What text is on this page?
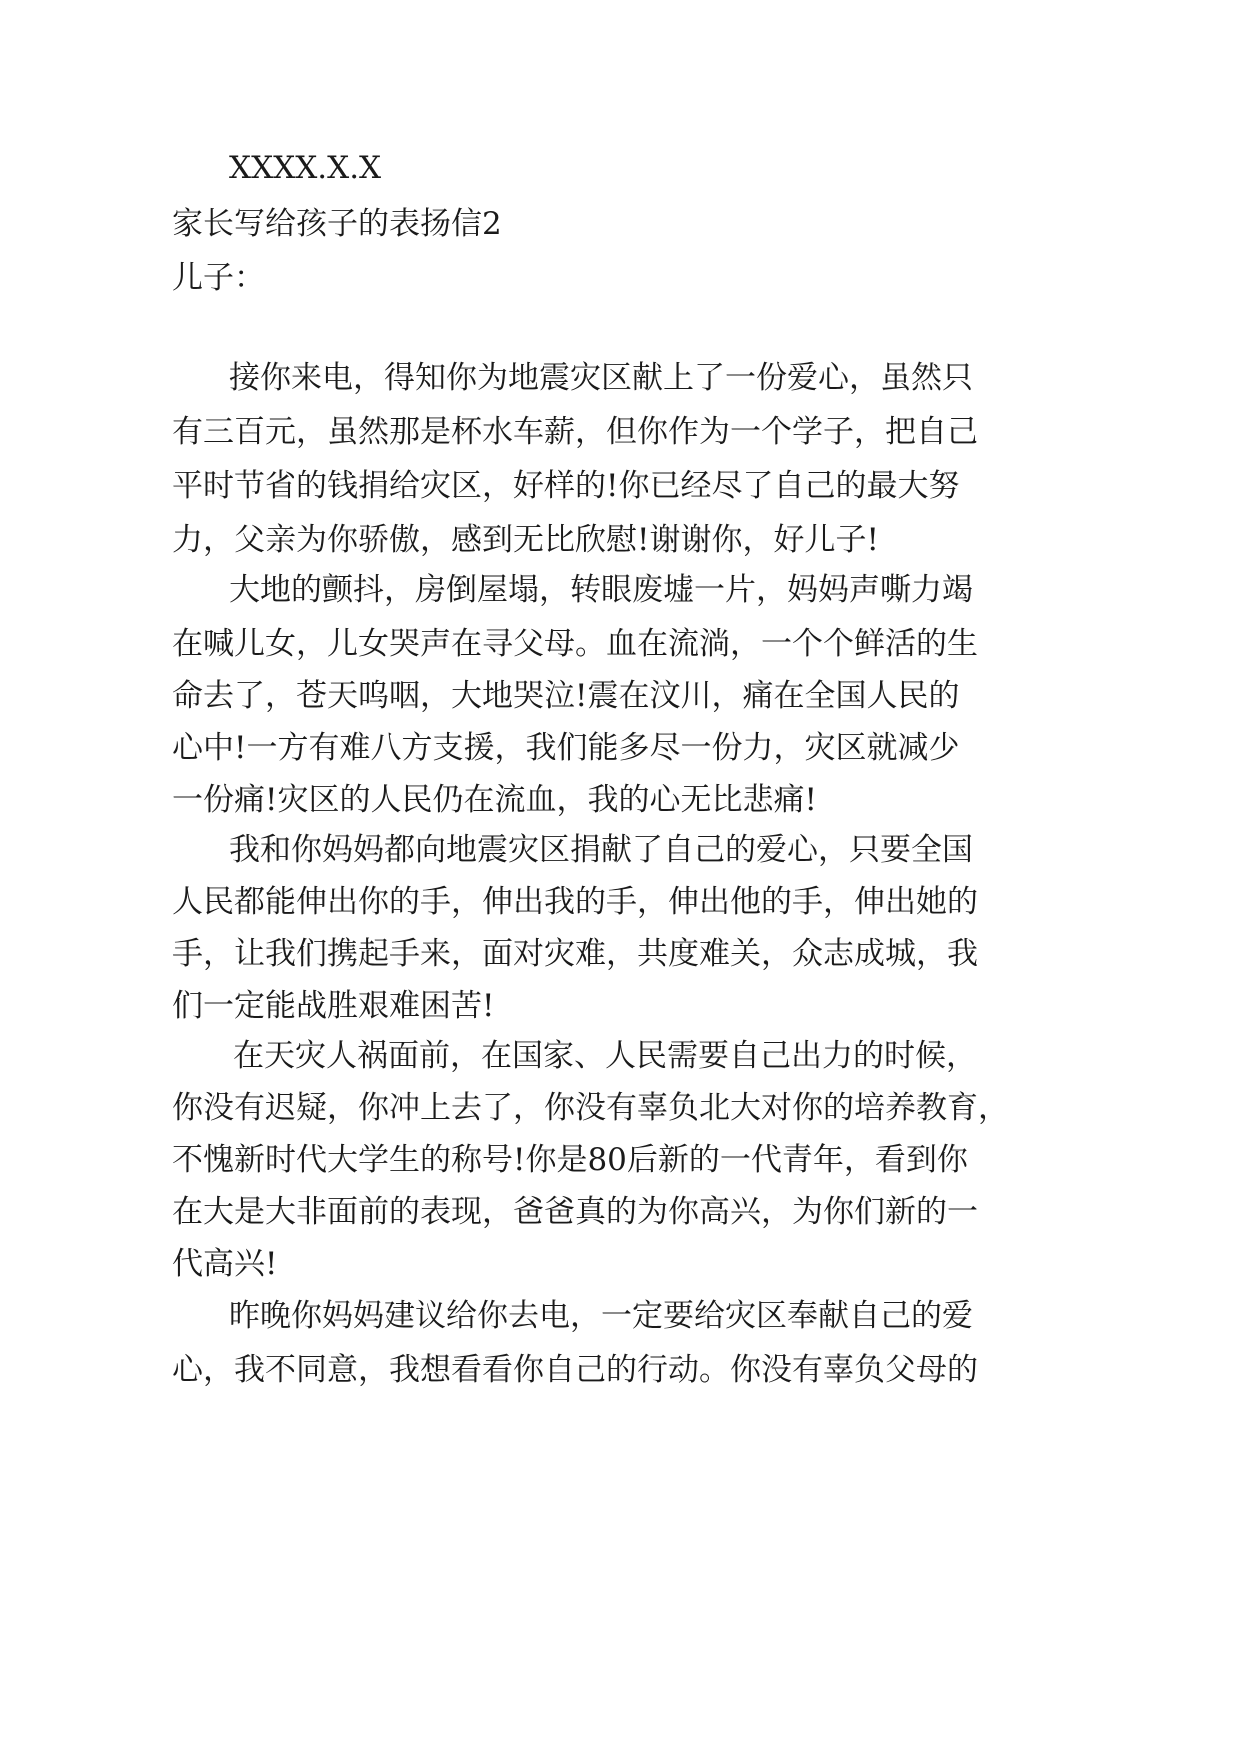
XXXX.X.X

家长写给孩子的表扬信2

儿子：

接你来电，得知你为地震灾区献上了一份爱心，虽然只
有三百元，虽然那是杯水车薪，但你作为一个学子，把自己
平时节省的钱捐给灾区，好样的!你已经尽了自己的最大努
力，父亲为你骄傲，感到无比欣慰!谢谢你，好儿子!
大地的颤抖，房倒屋塌，转眼废墟一片，妈妈声嘶力竭
在喊儿女，儿女哭声在寻父母。血在流淌，一个个鲜活的生
命去了，苍天呜咽，大地哭泣!震在汶川，痛在全国人民的
心中!一方有难八方支援，我们能多尽一份力，灾区就减少
一份痛!灾区的人民仍在流血，我的心无比悲痛!
我和你妈妈都向地震灾区捐献了自己的爱心，只要全国
人民都能伸出你的手，伸出我的手，伸出他的手，伸出她的
手，让我们携起手来，面对灾难，共度难关，众志成城，我
们一定能战胜艰难困苦!
在天灾人祸面前，在国家、人民需要自己出力的时候，
你没有迟疑，你冲上去了，你没有辜负北大对你的培养教育，
不愧新时代大学生的称号!你是80后新的一代青年，看到你
在大是大非面前的表现，爸爸真的为你高兴，为你们新的一
代高兴!
昨晚你妈妈建议给你去电，一定要给灾区奉献自己的爱
心，我不同意，我想看看你自己的行动。你没有辜负父母的
